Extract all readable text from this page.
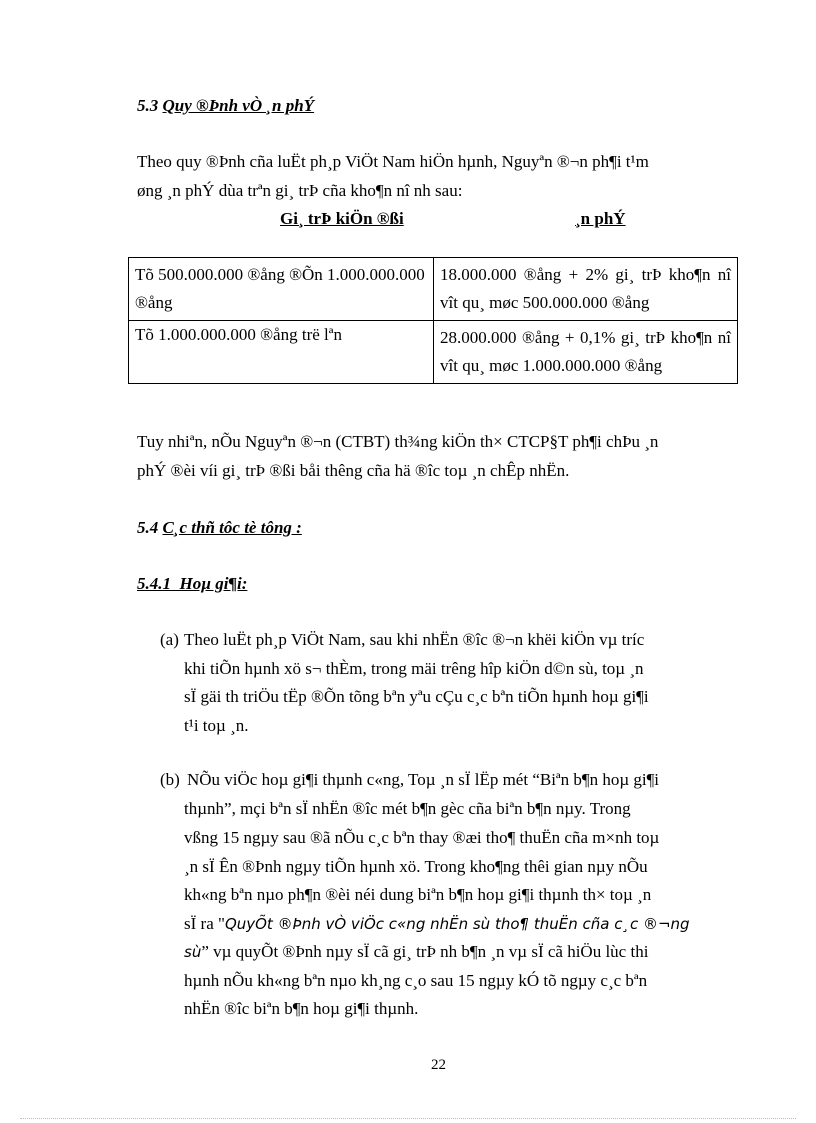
5.3 Quy ®Þnh vÒ ¸n phÝ
Theo quy ®Þnh cña luËt ph¸p ViÖt Nam hiÖn hµnh, Nguyªn ®¬n ph¶i t¹m
øng ¸n phÝ dùa trªn gi¸ trÞ cña kho¶n nî nh sau:
Gi¸ trÞ kiÖn ®ßi	¸n phÝ
Tõ 500.000.000 ®ång ®Õn 1.000.000.000 ®ång	18.000.000 ®ång + 2% gi¸ trÞ kho¶n nî vît qu¸ møc 500.000.000 ®ång
Tõ 1.000.000.000 ®ång trë lªn	28.000.000 ®ång + 0,1% gi¸ trÞ kho¶n nî vît qu¸ møc 1.000.000.000 ®ång
Tuy nhiªn, nÕu Nguyªn ®¬n (CTBT) th¾ng kiÖn th× CTCP§T ph¶i chÞu ¸n
phÝ ®èi víi gi¸ trÞ ®ßi båi thêng cña hä ®îc toµ ¸n chÊp nhËn.
5.4 C¸c thñ tôc tè tông :
5.4.1 Hoµ gi¶i:
(a) Theo luËt ph¸p ViÖt Nam, sau khi nhËn ®îc ®¬n khëi kiÖn vµ tríc
khi tiÕn hµnh xö s¬ thÈm, trong mäi trêng hîp kiÖn d©n sù, toµ ¸n
sÏ gäi th triÖu tËp ®Õn tõng bªn yªu cÇu c¸c bªn tiÕn hµnh hoµ gi¶i
t¹i toµ ¸n.
(b) NÕu viÖc hoµ gi¶i thµnh c«ng, Toµ ¸n sÏ lËp mét “Biªn b¶n hoµ gi¶i
thµnh”, mçi bªn sÏ nhËn ®îc mét b¶n gèc cña biªn b¶n nµy. Trong
vßng 15 ngµy sau ®ã nÕu c¸c bªn thay ®æi tho¶ thuËn cña m×nh toµ
¸n sÏ Ên ®Þnh ngµy tiÕn hµnh xö. Trong kho¶ng thêi gian nµy nÕu
kh«ng bªn nµo ph¶n ®èi néi dung biªn b¶n hoµ gi¶i thµnh th× toµ ¸n
sÏ ra "QuyÕt ®Þnh vÒ viÖc c«ng nhËn sù tho¶ thuËn cña c¸c ®¬ng
sù” vµ quyÕt ®Þnh nµy sÏ cã gi¸ trÞ nh b¶n ¸n vµ sÏ cã hiÖu lùc thi
hµnh nÕu kh«ng bªn nµo kh¸ng c¸o sau 15 ngµy kÓ tõ ngµy c¸c bªn
nhËn ®îc biªn b¶n hoµ gi¶i thµnh.
22
